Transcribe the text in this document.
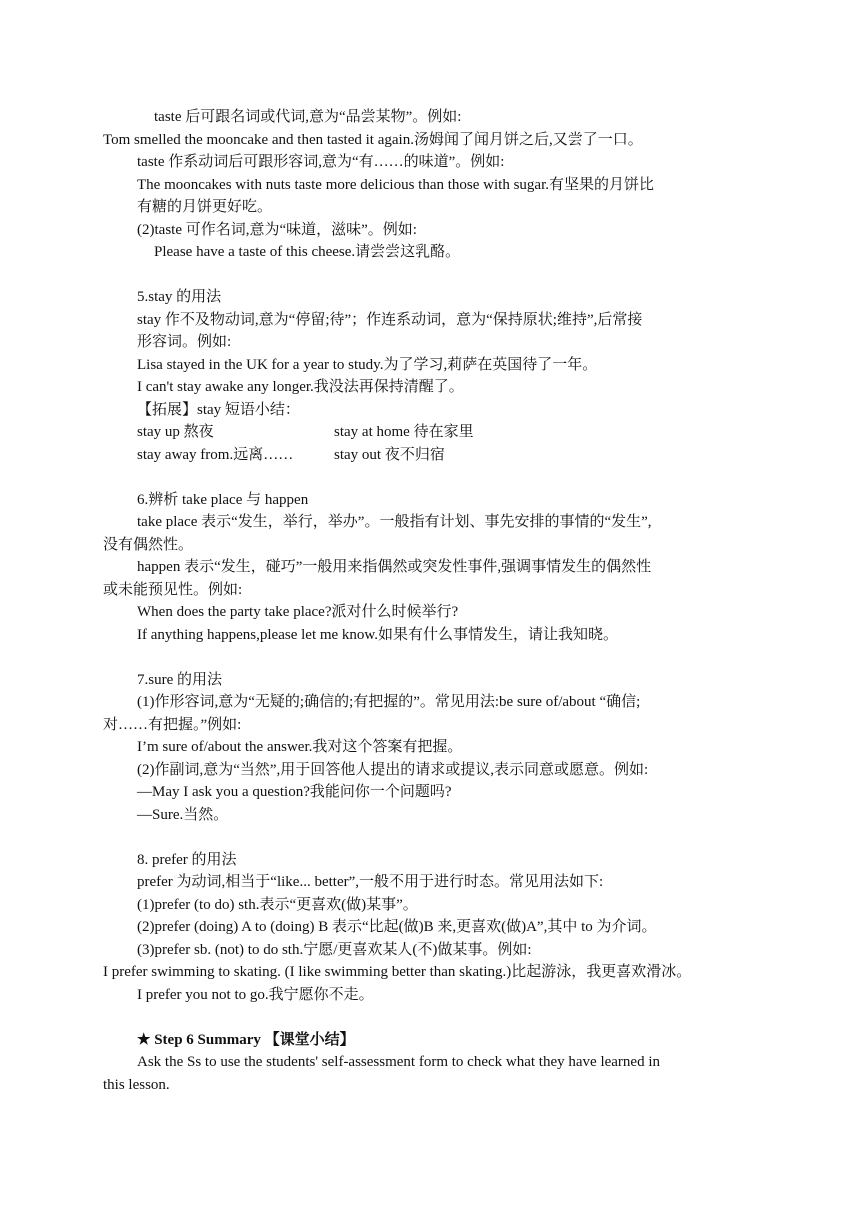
taste 后可跟名词或代词,意为“品尝某物”。例如:
Tom smelled the mooncake and then tasted it again.汤姆闻了闻月饼之后,又尝了一口。
taste 作系动词后可跟形容词,意为“有……的味道”。例如:
The mooncakes with nuts taste more delicious than those with sugar.有坚果的月饼比
有糖的月饼更好吃。
(2)taste 可作名词,意为“味道，滋味”。例如:
Please have a taste of this cheese.请尝尝这乳酪。
5.stay 的用法
stay 作不及物动词,意为“停留;待”；作连系动词，意为“保持原状;维持”,后常接
形容词。例如:
Lisa stayed in the UK for a year to study.为了学习,莉萨在英国待了一年。
I can't stay awake any longer.我没法再保持清醒了。
【拓展】stay 短语小结：
stay up 熬夜	stay at home 待在家里
stay away from.远离……	stay out 夜不归宿
6.辨析 take place 与 happen
take place 表示“发生，举行，举办”。一般指有计划、事先安排的事情的“发生”,
没有偶然性。
happen 表示“发生，碰巧”一般用来指偶然或突发性事件,强调事情发生的偶然性
或未能预见性。例如:
When does the party take place?派对什么时候举行?
If anything happens,please let me know.如果有什么事情发生，请让我知晓。
7.sure 的用法
(1)作形容词,意为“无疑的;确信的;有把握的”。常见用法:be sure of/about “确信;
对……有把握。”例如:
I’m sure of/about the answer.我对这个答案有把握。
(2)作副词,意为“当然”,用于回答他人提出的请求或提议,表示同意或愿意。例如:
—May I ask you a question?我能问你一个问题吗?
—Sure.当然。
8. prefer 的用法
prefer 为动词,相当于“like... better”,一般不用于进行时态。常见用法如下:
(1)prefer (to do) sth.表示“更喜欢(做)某事”。
(2)prefer (doing) A to (doing) B 表示“比起(做)B 来,更喜欢(做)A”,其中 to 为介词。
(3)prefer sb. (not) to do sth.宁愿/更喜欢某人(不)做某事。例如:
I prefer swimming to skating. (I like swimming better than skating.)比起游泳，我更喜欢滑冰。
I prefer you not to go.我宁愿你不走。
★ Step 6 Summary 【课堂小结】
Ask the Ss to use the students' self-assessment form to check what they have learned in
this lesson.
